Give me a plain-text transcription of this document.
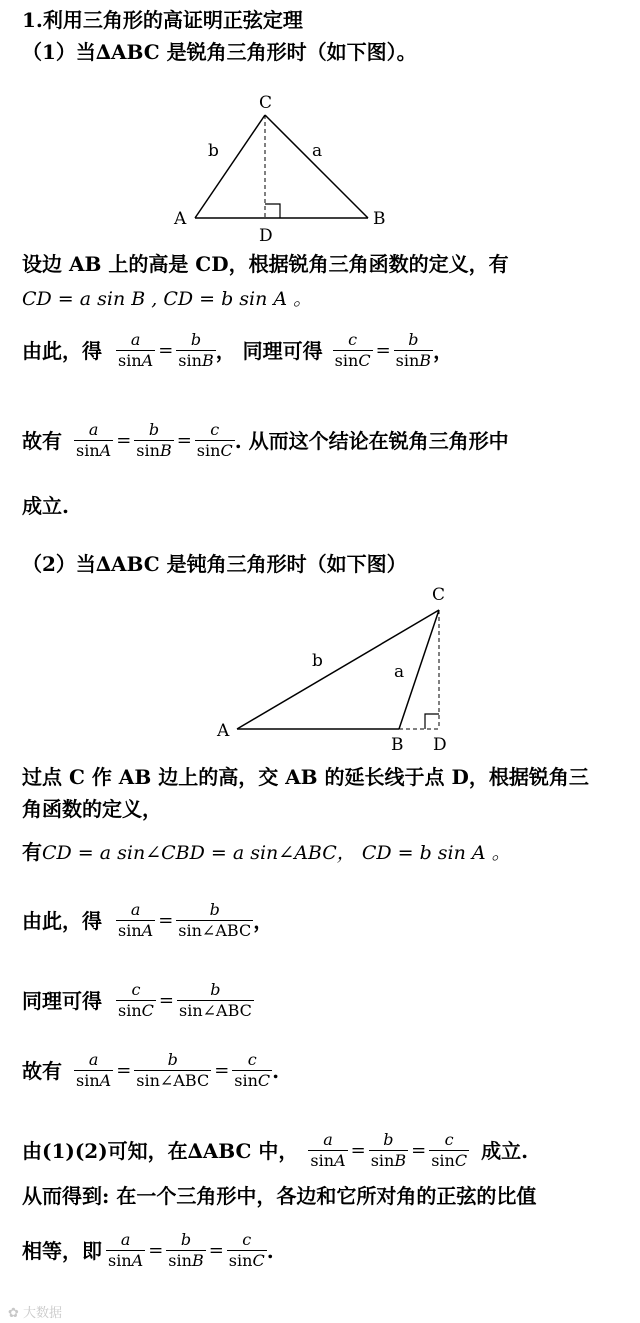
1.利用三角形的高证明正弦定理
（1）当∆ABC 是锐角三角形时（如下图）。
C
A	B
D
b	a
设边 AB 上的高是 CD，根据锐角三角函数的定义，有
CD = a sin B , CD = b sin A 。
由此，得 $\frac{a}{\sin A} = \frac{b}{\sin B}$ ， 同理可得 $\frac{c}{\sin C} = \frac{b}{\sin B}$ ，
故有 $\frac{a}{\sin A} = \frac{b}{\sin B} = \frac{c}{\sin C}$ . 从而这个结论在锐角三角形中
成立.
（2）当∆ABC 是钝角三角形时（如下图）
C
A
B D
b
a
过点 C 作 AB 边上的高，交 AB 的延长线于点 D，根据锐角三
角函数的定义，
有 CD = a sin∠CBD = a sin∠ABC， CD = b sin A 。
由此，得 $\frac{a}{\sin A} = \frac{b}{\text{sin∠ABC}}$ ，
同理可得 $\frac{c}{\sin C} = \frac{b}{\text{sin∠ABC}}$
故有 $\frac{a}{\sin A} = \frac{b}{\text{sin∠ABC}} = \frac{c}{\sin C}$ .
由(1)(2)可知，在∆ABC 中， $\frac{a}{\sin A} = \frac{b}{\sin B} = \frac{c}{\sin C}$ 成立.
从而得到: 在一个三角形中，各边和它所对角的正弦的比值
相等，即 $\frac{a}{\sin A} = \frac{b}{\sin B} = \frac{c}{\sin C}$ .
✿ 大数据
